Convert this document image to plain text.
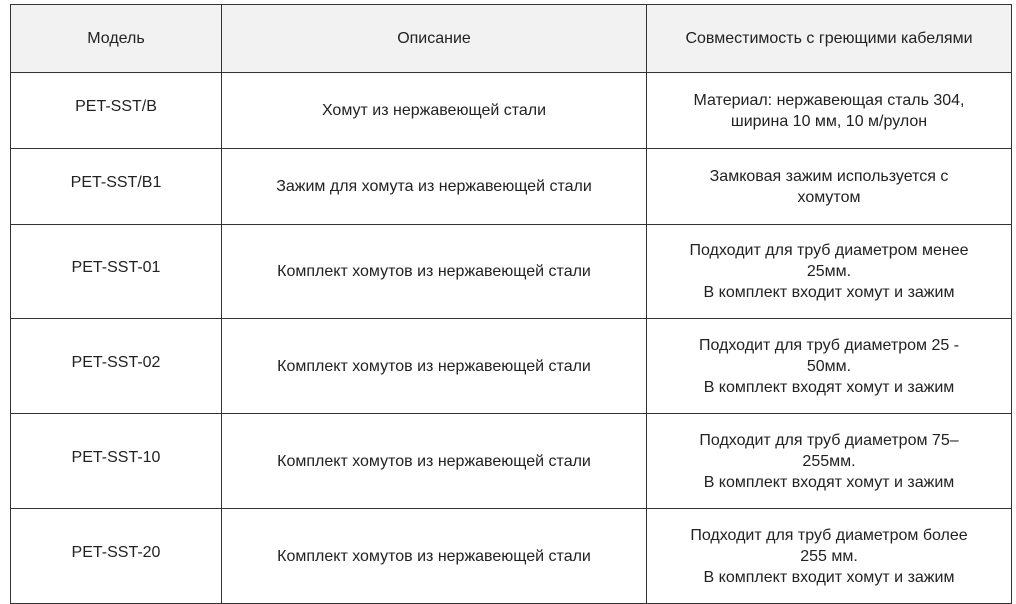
Модель	Описание	Совместимость с греющими кабелями
PET-SST/B	Хомут из нержавеющей стали	Материал: нержавеющая сталь 304,
ширина 10 мм, 10 м/рулон

PET-SST/B1	Зажим для хомута из нержавеющей стали	Замковая зажим используется с
хомутом

PET-SST-01	Комплект хомутов из нержавеющей стали	Подходит для труб диаметром менее
25мм.
В комплект входит хомут и зажим

PET-SST-02	Комплект хомутов из нержавеющей стали	Подходит для труб диаметром 25 -
50мм.
В комплект входят хомут и зажим

PET-SST-10	Комплект хомутов из нержавеющей стали	Подходит для труб диаметром 75–
255мм.
В комплект входят хомут и зажим

PET-SST-20	Комплект хомутов из нержавеющей стали	Подходит для труб диаметром более
255 мм.
В комплект входит хомут и зажим
